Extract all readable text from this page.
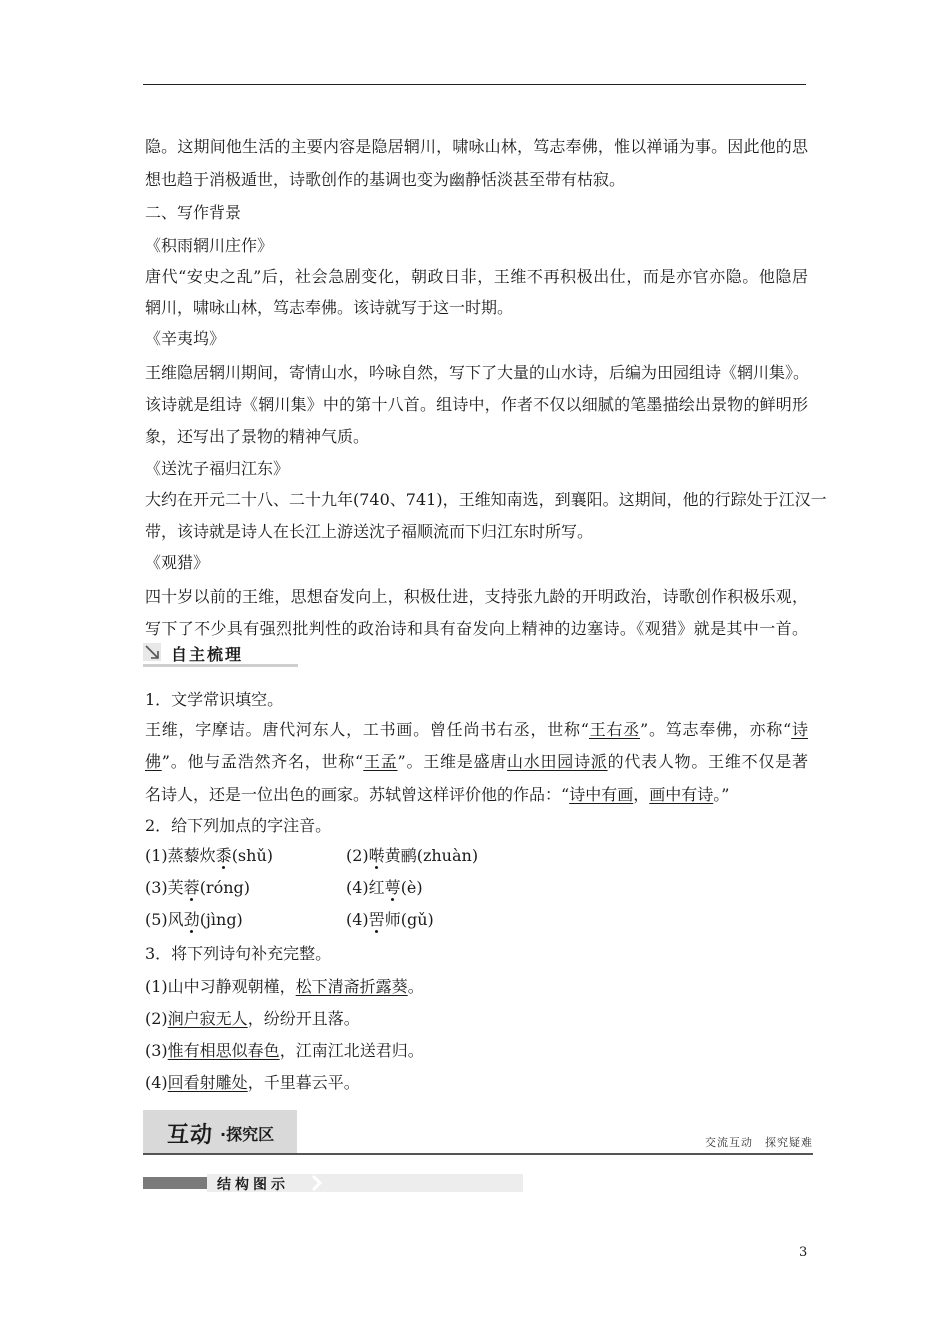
隐。这期间他生活的主要内容是隐居辋川，啸咏山林，笃志奉佛，惟以禅诵为事。因此他的思
想也趋于消极遁世，诗歌创作的基调也变为幽静恬淡甚至带有枯寂。
二、写作背景
《积雨辋川庄作》
唐代“安史之乱”后，社会急剧变化，朝政日非，王维不再积极出仕，而是亦官亦隐。他隐居
辋川，啸咏山林，笃志奉佛。该诗就写于这一时期。
《辛夷坞》
王维隐居辋川期间，寄情山水，吟咏自然，写下了大量的山水诗，后编为田园组诗《辋川集》。
该诗就是组诗《辋川集》中的第十八首。组诗中，作者不仅以细腻的笔墨描绘出景物的鲜明形
象，还写出了景物的精神气质。
《送沈子福归江东》
大约在开元二十八、二十九年(740、741)，王维知南选，到襄阳。这期间，他的行踪处于江汉一
带，该诗就是诗人在长江上游送沈子福顺流而下归江东时所写。
《观猎》
四十岁以前的王维，思想奋发向上，积极仕进，支持张九龄的开明政治，诗歌创作积极乐观，
写下了不少具有强烈批判性的政治诗和具有奋发向上精神的边塞诗。《观猎》就是其中一首。
自主梳理
1．文学常识填空。
王维，字摩诘。唐代河东人，工书画。曾任尚书右丞，世称“王右丞”。笃志奉佛，亦称“诗
佛”。他与孟浩然齐名，世称“王孟”。王维是盛唐山水田园诗派的代表人物。王维不仅是著
名诗人，还是一位出色的画家。苏轼曾这样评价他的作品：“诗中有画，画中有诗。”
2．给下列加点的字注音。
(1)蒸藜炊黍(shǔ)	(2)啭黄鹂(zhuàn)
(3)芙蓉(róng)	(4)红萼(è)
(5)风劲(jìng)	(4)罟师(gǔ)
3．将下列诗句补充完整。
(1)山中习静观朝槿，松下清斋折露葵。
(2)涧户寂无人，纷纷开且落。
(3)惟有相思似春色，江南江北送君归。
(4)回看射雕处，千里暮云平。
互动 ·探究区	交流互动　探究疑难
结构图示
3
